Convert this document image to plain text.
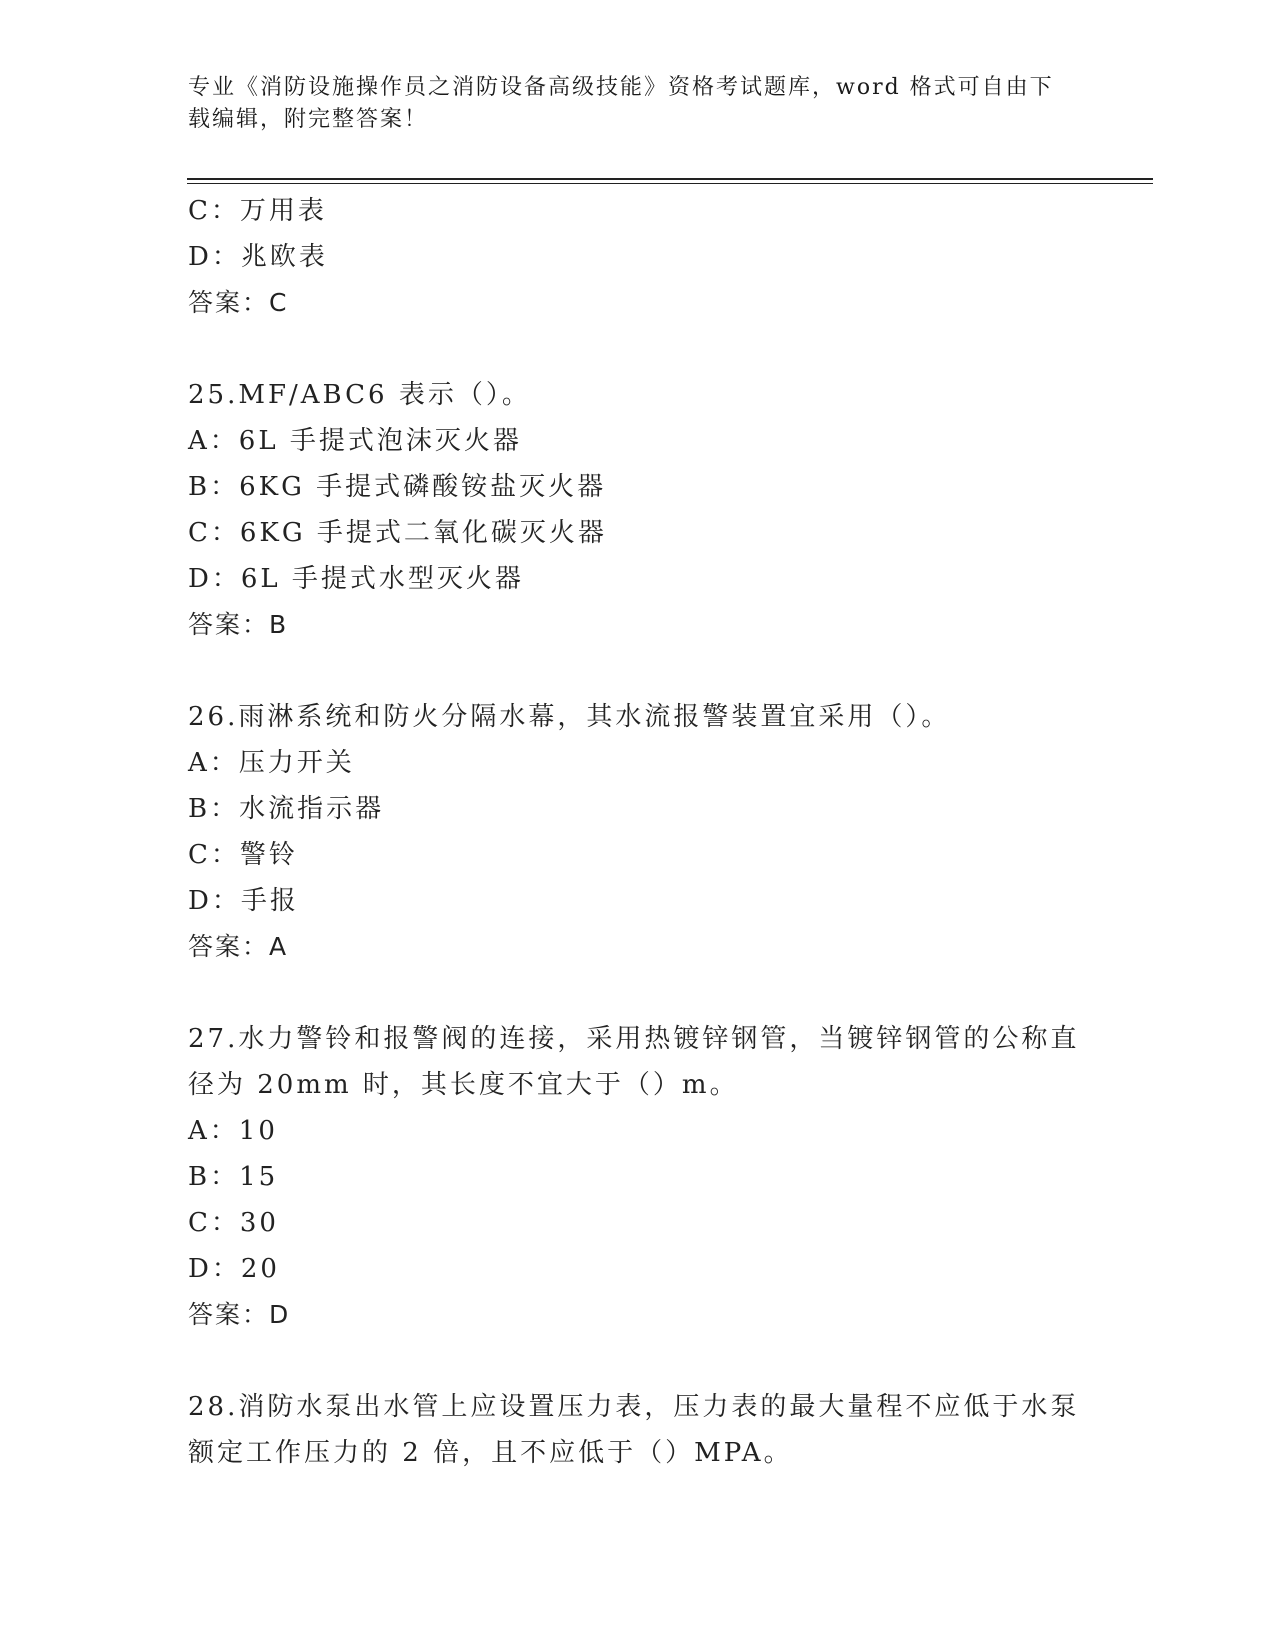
专业《消防设施操作员之消防设备高级技能》资格考试题库，word 格式可自由下
载编辑，附完整答案！
C：万用表
D：兆欧表
答案：C
25.MF/ABC6 表示（）。
A：6L 手提式泡沫灭火器
B：6KG 手提式磷酸铵盐灭火器
C：6KG 手提式二氧化碳灭火器
D：6L 手提式水型灭火器
答案：B
26.雨淋系统和防火分隔水幕，其水流报警装置宜采用（）。
A：压力开关
B：水流指示器
C：警铃
D：手报
答案：A
27.水力警铃和报警阀的连接，采用热镀锌钢管，当镀锌钢管的公称直
径为 20mm 时，其长度不宜大于（）m。
A：10
B：15
C：30
D：20
答案：D
28.消防水泵出水管上应设置压力表，压力表的最大量程不应低于水泵
额定工作压力的 2 倍，且不应低于（）MPA。
